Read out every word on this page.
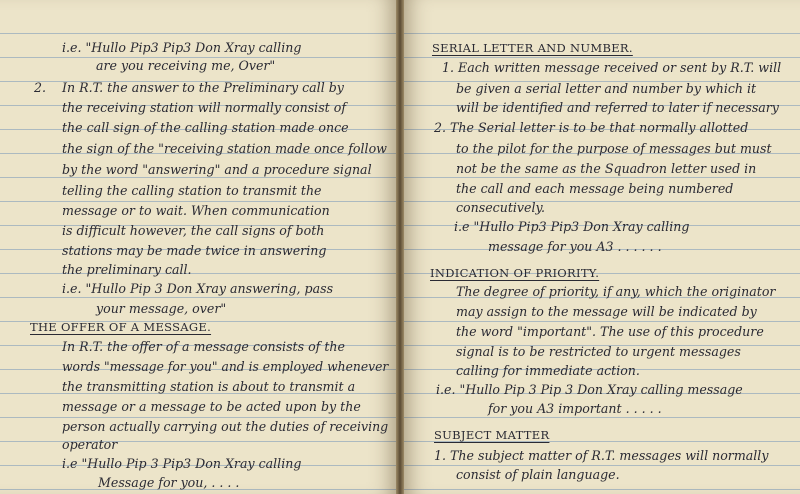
2.
i.e. "Hullo Pip3 Pip3 Don Xray calling
are you receiving me, Over"
In R.T. the answer to the Preliminary call by
the receiving station will normally consist of
the call sign of the calling station made once
the sign of the "receiving station made once follow
by the word "answering" and a procedure signal
telling the calling station to transmit the
message or to wait. When communication
is difficult however, the call signs of both
stations may be made twice in answering
the preliminary call.
i.e. "Hullo Pip 3 Don Xray answering, pass
your message, over"
THE OFFER OF A MESSAGE.
In R.T. the offer of a message consists of the
words "message for you" and is employed whenever
the transmitting station is about to transmit a
message or a message to be acted upon by the
person actually carrying out the duties of receiving
operator
i.e "Hullo Pip 3 Pip3 Don Xray calling
Message for you, . . . .
SERIAL LETTER AND NUMBER.
1. Each written message received or sent by R.T. will
be given a serial letter and number by which it
will be identified and referred to later if necessary
2. The Serial letter is to be that normally allotted
to the pilot for the purpose of messages but must
not be the same as the Squadron letter used in
the call and each message being numbered
consecutively.
i.e "Hullo Pip3 Pip3 Don Xray calling
message for you A3 . . . . . .
INDICATION OF PRIORITY.
The degree of priority, if any, which the originator
may assign to the message will be indicated by
the word "important". The use of this procedure
signal is to be restricted to urgent messages
calling for immediate action.
i.e. "Hullo Pip 3 Pip 3 Don Xray calling message
for you A3 important . . . . .
SUBJECT MATTER
1. The subject matter of R.T. messages will normally
consist of plain language.
